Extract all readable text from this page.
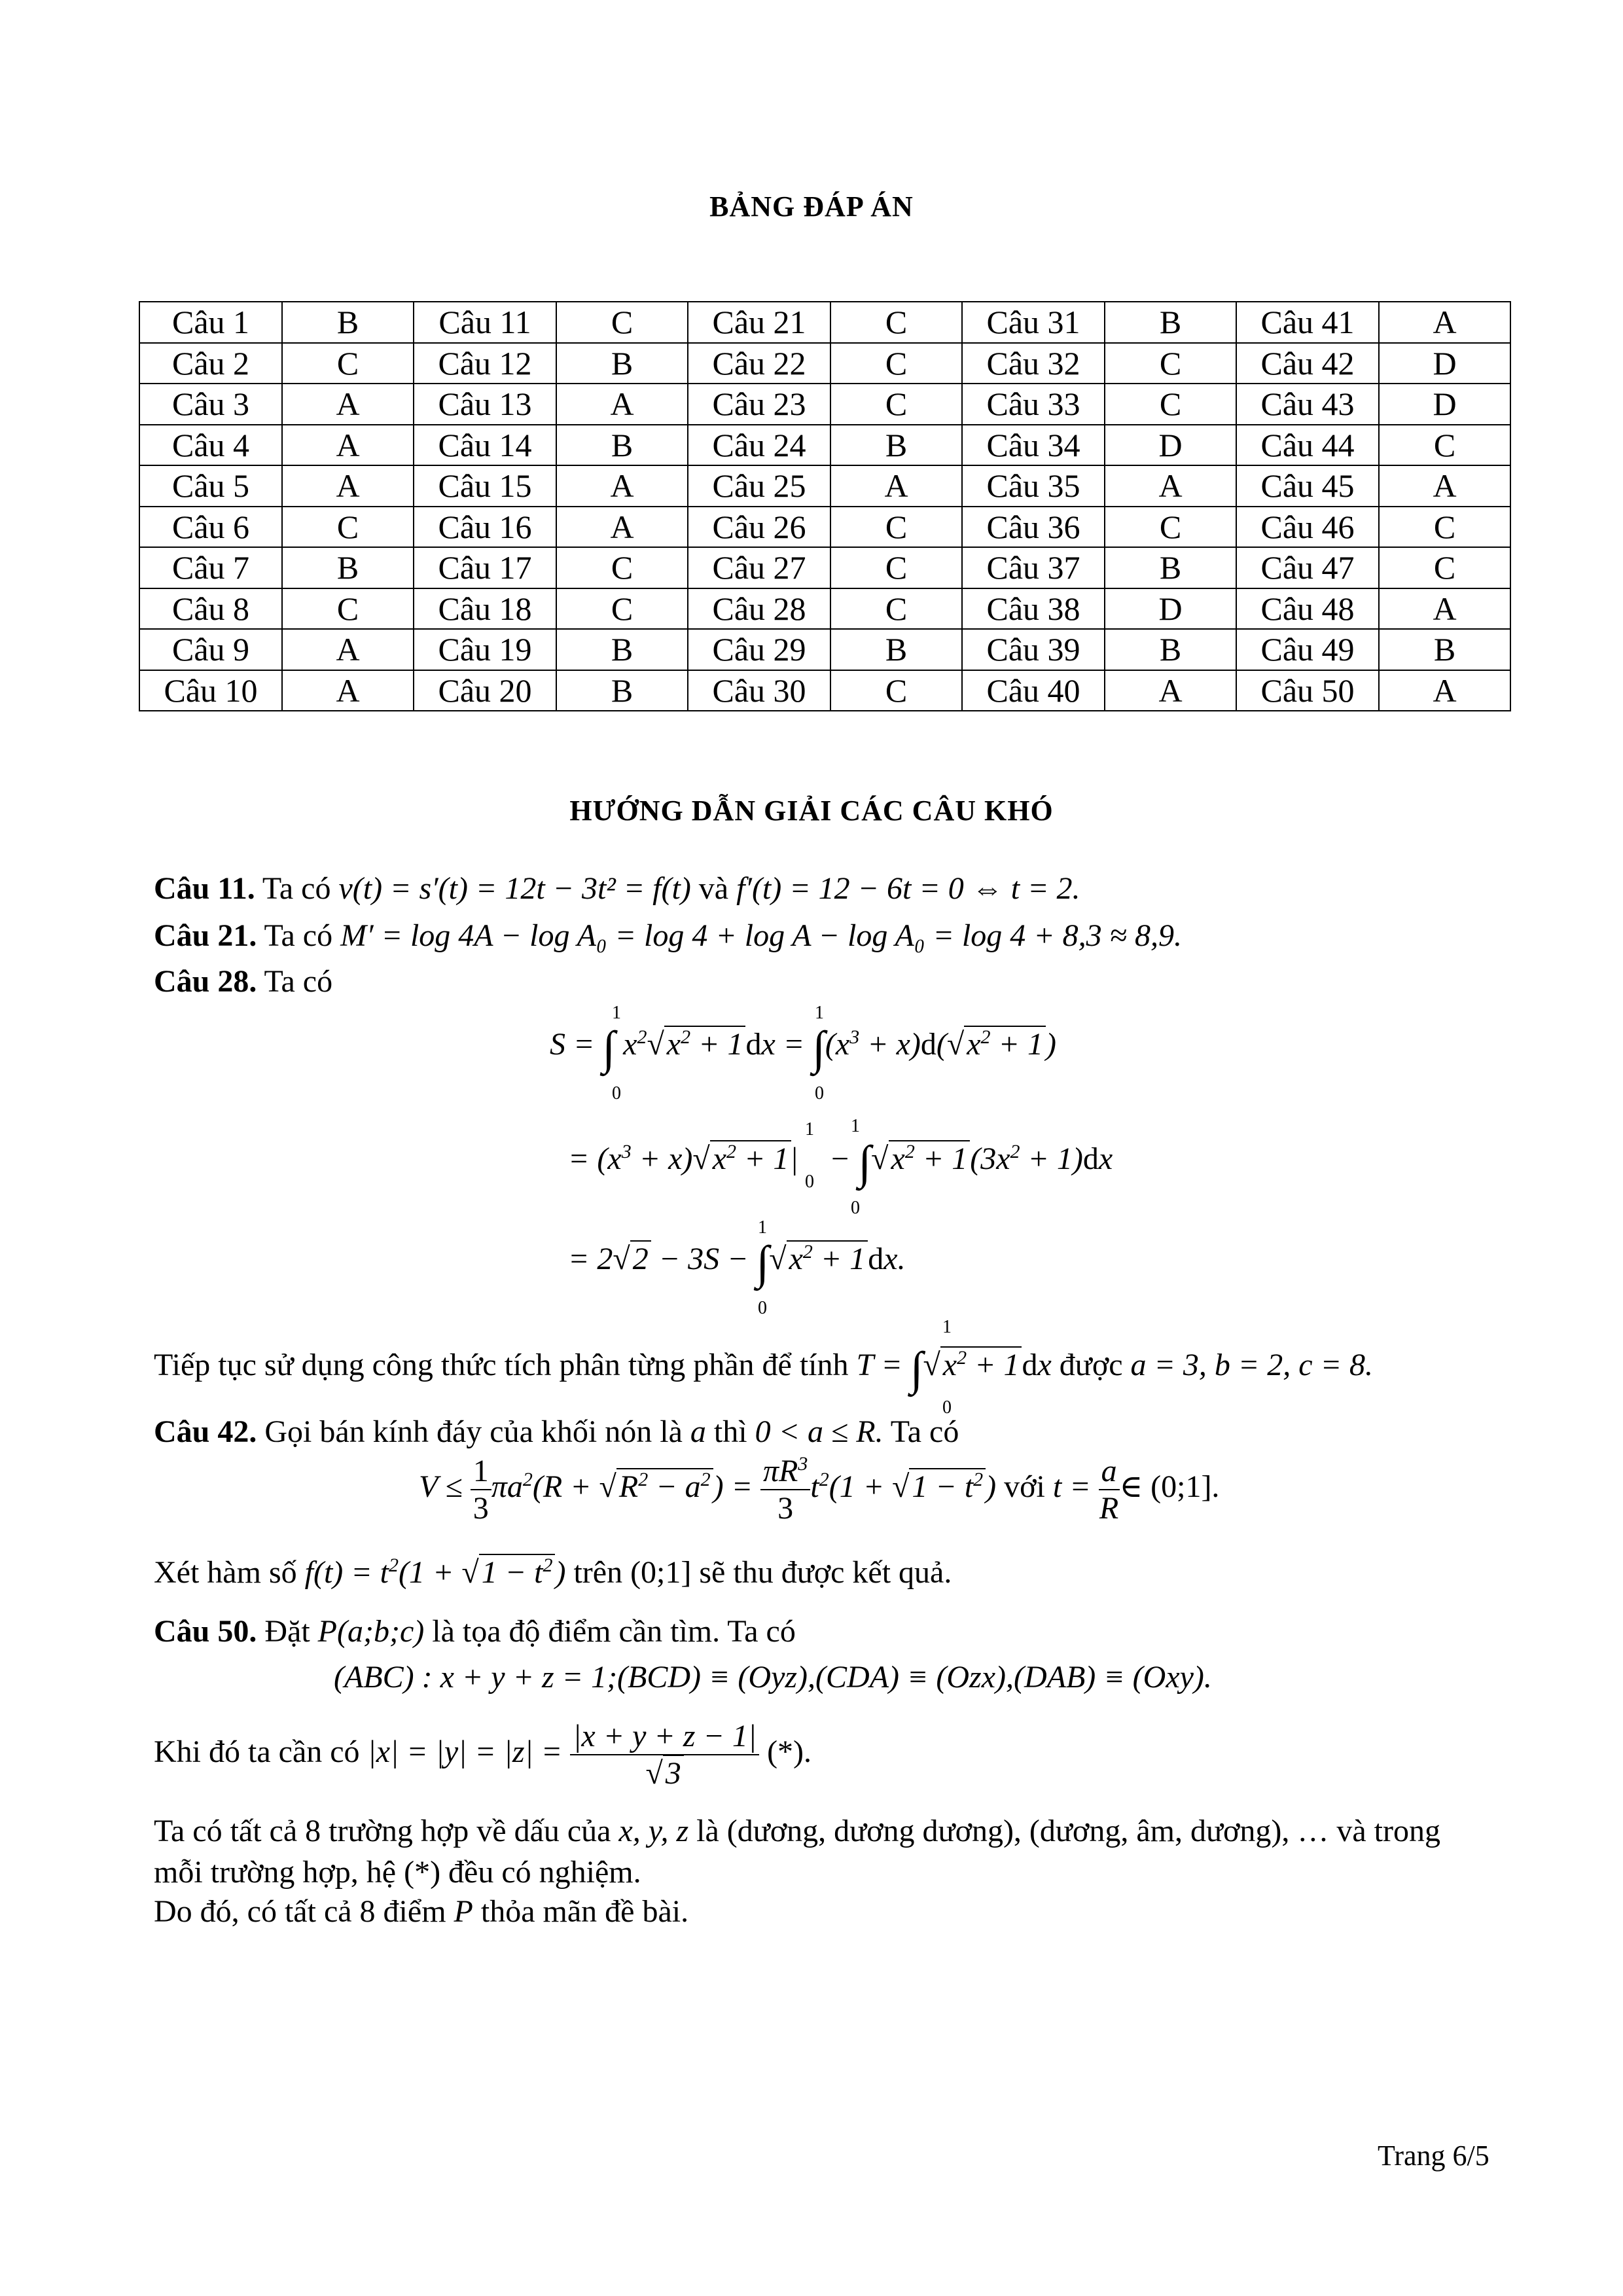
BẢNG ĐÁP ÁN
Câu 1	B	Câu 11	C	Câu 21	C	Câu 31	B	Câu 41	A
Câu 2	C	Câu 12	B	Câu 22	C	Câu 32	C	Câu 42	D
Câu 3	A	Câu 13	A	Câu 23	C	Câu 33	C	Câu 43	D
Câu 4	A	Câu 14	B	Câu 24	B	Câu 34	D	Câu 44	C
Câu 5	A	Câu 15	A	Câu 25	A	Câu 35	A	Câu 45	A
Câu 6	C	Câu 16	A	Câu 26	C	Câu 36	C	Câu 46	C
Câu 7	B	Câu 17	C	Câu 27	C	Câu 37	B	Câu 47	C
Câu 8	C	Câu 18	C	Câu 28	C	Câu 38	D	Câu 48	A
Câu 9	A	Câu 19	B	Câu 29	B	Câu 39	B	Câu 49	B
Câu 10	A	Câu 20	B	Câu 30	C	Câu 40	A	Câu 50	A
HƯỚNG DẪN GIẢI CÁC CÂU KHÓ
Câu 11. Ta có v(t) = s′(t) = 12t − 3t² = f(t) và f′(t) = 12 − 6t = 0 ⇔ t = 2.
Câu 21. Ta có M′ = log 4A − log A₀ = log 4 + log A − log A₀ = log 4 + 8,3 ≈ 8,9.
Câu 28. Ta có
S = ∫ $x^2√x^2 + 1dx = \int(x^3 + x)d(√x^2 + 1)$
1
0
1
0
= $(x^3 + x)√x^2 + 1|$    − $\int√x^2 + 1(3x^2 + 1)dx$
1
0
1
0
= $2√2 - 3S - \int√x^2 + 1dx$.
1
0
Tiếp tục sử dụng công thức tích phân từng phần để tính $T = \int√x^2 + 1dx$ được a = 3, b = 2, c = 8.
1
0
Câu 42. Gọi bán kính đáy của khối nón là a thì 0 < a ≤ R. Ta có
$V \le \frac{1}{3} \pi a^2(R + √R^2 - a^2) = \frac{\pi R^3}{3} t^2(1 + √1 - t^2)$ với $t = \frac{a}{R}$ ∈ (0;1].
Xét hàm số $f(t) = t^2(1 + √1 - t^2)$ trên (0;1] sẽ thu được kết quả.
Câu 50. Đặt P(a;b;c) là tọa độ điểm cần tìm. Ta có
(ABC) : x + y + z = 1;(BCD) ≡ (Oyz),(CDA) ≡ (Ozx),(DAB) ≡ (Oxy).
Khi đó ta cần có $|x| = |y| = |z| = \frac{|x + y + z - 1|}{√3}$ (*).
Ta có tất cả 8 trường hợp về dấu của x, y, z là (dương, dương dương), (dương, âm, dương), … và trong
mỗi trường hợp, hệ (*) đều có nghiệm.
Do đó, có tất cả 8 điểm P thỏa mãn đề bài.
Trang 6/5
